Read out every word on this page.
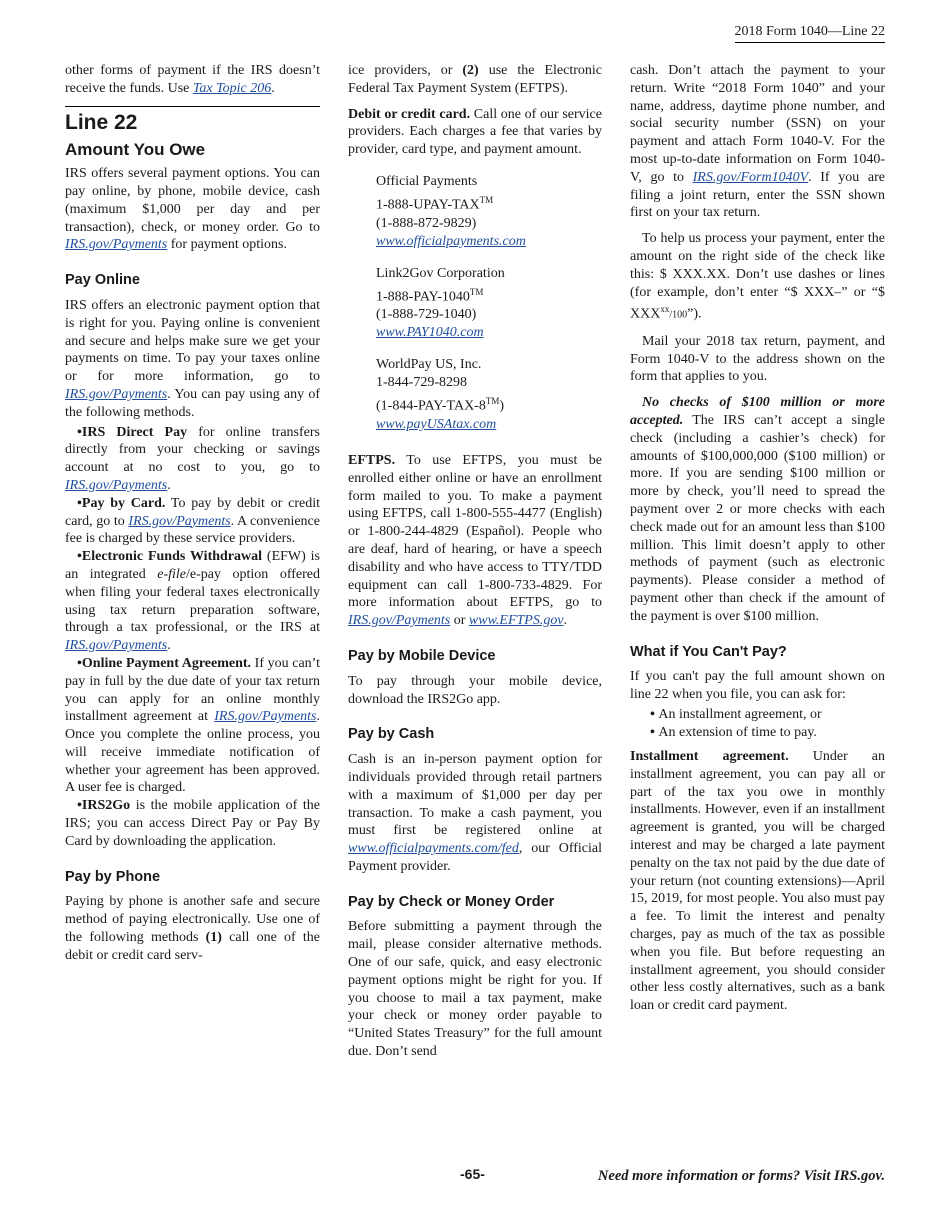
2018 Form 1040—Line 22

other forms of payment if the IRS doesn’t receive the funds. Use Tax Topic 206.

Line 22
Amount You Owe

IRS offers several payment options. You can pay online, by phone, mobile device, cash (maximum $1,000 per day and per transaction), check, or money order. Go to IRS.gov/Payments for payment options.

Pay Online

IRS offers an electronic payment option that is right for you. Paying online is convenient and secure and helps make sure we get your payments on time. To pay your taxes online or for more information, go to IRS.gov/Payments. You can pay using any of the following methods.

• IRS Direct Pay for online transfers directly from your checking or savings account at no cost to you, go to IRS.gov/Payments.

• Pay by Card. To pay by debit or credit card, go to IRS.gov/Payments. A convenience fee is charged by these service providers.

• Electronic Funds Withdrawal (EFW) is an integrated e-file/e-pay option offered when filing your federal taxes electronically using tax return preparation software, through a tax professional, or the IRS at IRS.gov/Payments.

• Online Payment Agreement. If you can’t pay in full by the due date of your tax return you can apply for an online monthly installment agreement at IRS.gov/Payments. Once you complete the online process, you will receive immediate notification of whether your agreement has been approved. A user fee is charged.

• IRS2Go is the mobile application of the IRS; you can access Direct Pay or Pay By Card by downloading the application.

Pay by Phone

Paying by phone is another safe and secure method of paying electronically. Use one of the following methods (1) call one of the debit or credit card serv-

ice providers, or (2) use the Electronic Federal Tax Payment System (EFTPS).

Debit or credit card. Call one of our service providers. Each charges a fee that varies by provider, card type, and payment amount.

Official Payments
1-888-UPAY-TAX™
(1-888-872-9829)
www.officialpayments.com
Link2Gov Corporation
1-888-PAY-1040™
(1-888-729-1040)
www.PAY1040.com
WorldPay US, Inc.
1-844-729-8298
(1-844-PAY-TAX-8™)
www.payUSAtax.com

EFTPS. To use EFTPS, you must be enrolled either online or have an enrollment form mailed to you. To make a payment using EFTPS, call 1-800-555-4477 (English) or 1-800-244-4829 (Español). People who are deaf, hard of hearing, or have a speech disability and who have access to TTY/TDD equipment can call 1-800-733-4829. For more information about EFTPS, go to IRS.gov/Payments or www.EFTPS.gov.

Pay by Mobile Device

To pay through your mobile device, download the IRS2Go app.

Pay by Cash

Cash is an in-person payment option for individuals provided through retail partners with a maximum of $1,000 per day per transaction. To make a cash payment, you must first be registered online at www.officialpayments.com/fed, our Official Payment provider.

Pay by Check or Money Order

Before submitting a payment through the mail, please consider alternative methods. One of our safe, quick, and easy electronic payment options might be right for you. If you choose to mail a tax payment, make your check or money order payable to “United States Treasury” for the full amount due. Don’t send

cash. Don’t attach the payment to your return. Write “2018 Form 1040” and your name, address, daytime phone number, and social security number (SSN) on your payment and attach Form 1040-V. For the most up-to-date information on Form 1040-V, go to IRS.gov/Form1040V. If you are filing a joint return, enter the SSN shown first on your tax return.

To help us process your payment, enter the amount on the right side of the check like this: $ XXX.XX. Don’t use dashes or lines (for example, don’t enter “$ XXX–” or “$ XXX$^{xx}$/100”).

Mail your 2018 tax return, payment, and Form 1040-V to the address shown on the form that applies to you.

No checks of $100 million or more accepted. The IRS can’t accept a single check (including a cashier’s check) for amounts of $100,000,000 ($100 million) or more. If you are sending $100 million or more by check, you’ll need to spread the payment over 2 or more checks with each check made out for an amount less than $100 million. This limit doesn’t apply to other methods of payment (such as electronic payments). Please consider a method of payment other than check if the amount of the payment is over $100 million.

What if You Can't Pay?

If you can't pay the full amount shown on line 22 when you file, you can ask for:

• An installment agreement, or
• An extension of time to pay.

Installment agreement. Under an installment agreement, you can pay all or part of the tax you owe in monthly installments. However, even if an installment agreement is granted, you will be charged interest and may be charged a late payment penalty on the tax not paid by the due date of your return (not counting extensions)—April 15, 2019, for most people. You also must pay a fee. To limit the interest and penalty charges, pay as much of the tax as possible when you file. But before requesting an installment agreement, you should consider other less costly alternatives, such as a bank loan or credit card payment.

-65-	Need more information or forms? Visit IRS.gov.
